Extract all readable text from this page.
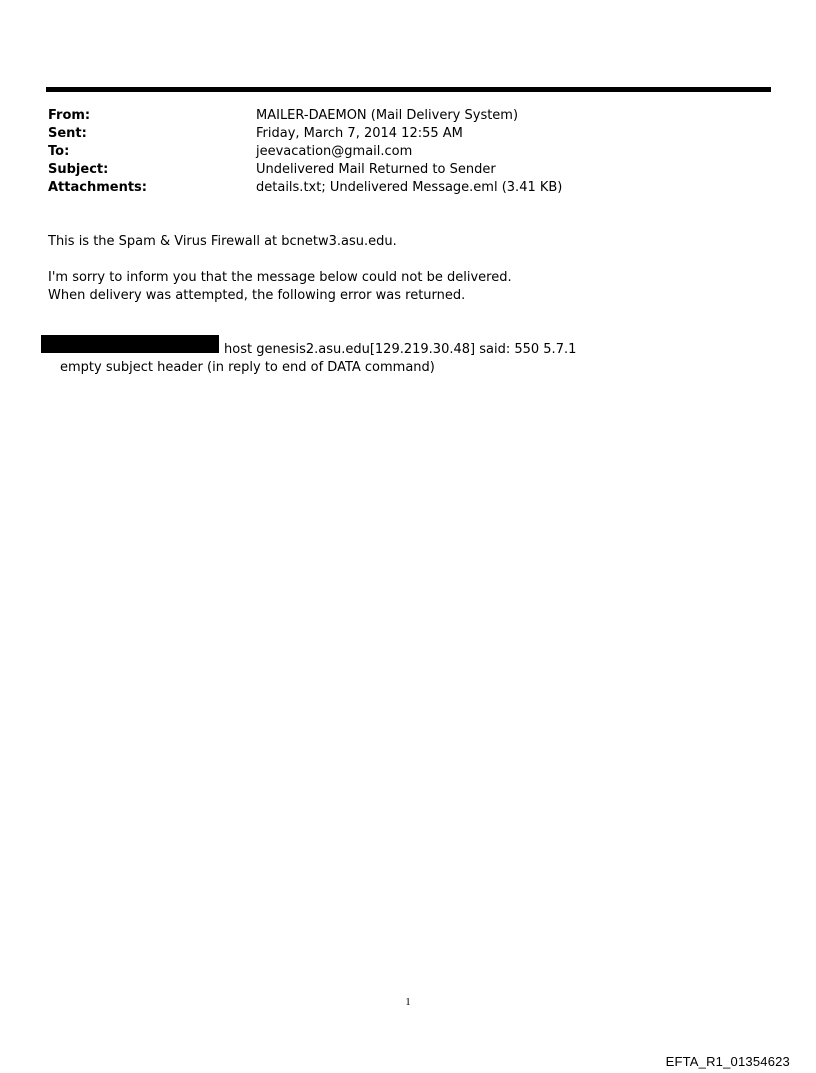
From:	MAILER-DAEMON (Mail Delivery System)
Sent:	Friday, March 7, 2014 12:55 AM
To:	jeevacation@gmail.com
Subject:	Undelivered Mail Returned to Sender
Attachments:	details.txt; Undelivered Message.eml (3.41 KB)
This is the Spam & Virus Firewall at bcnetw3.asu.edu.
I'm sorry to inform you that the message below could not be delivered.
When delivery was attempted, the following error was returned.
host genesis2.asu.edu[129.219.30.48] said: 550 5.7.1
empty subject header (in reply to end of DATA command)
1
EFTA_R1_01354623
